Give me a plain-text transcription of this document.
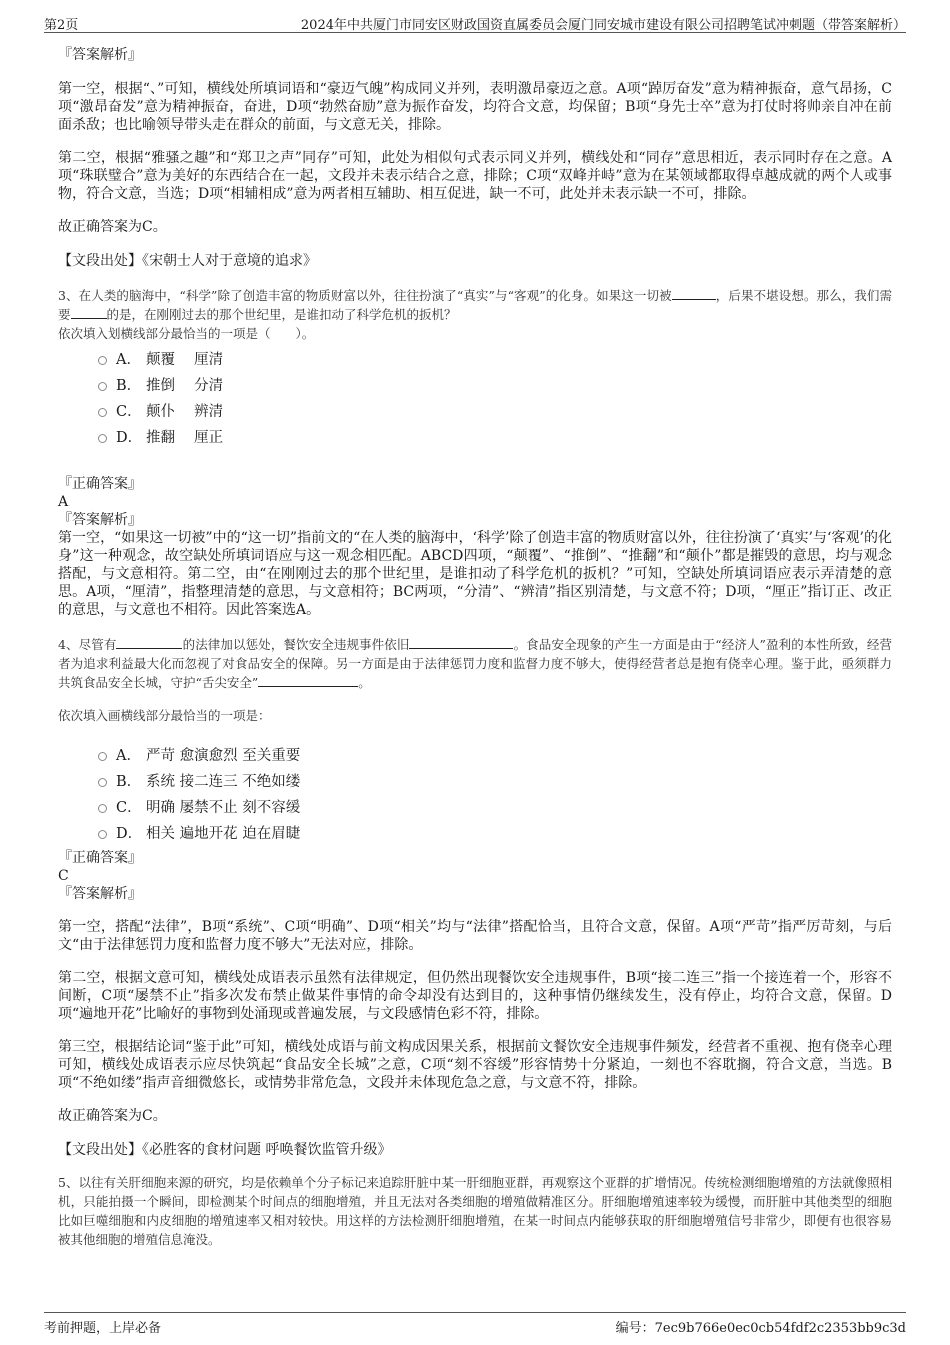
第2页	2024年中共厦门市同安区财政国资直属委员会厦门同安城市建设有限公司招聘笔试冲刺题（带答案解析）

『答案解析』

第一空，根据“、”可知，横线处所填词语和“豪迈气魄”构成同义并列，表明激昂豪迈之意。A项“踔厉奋发”意为精神振奋，意气昂扬，C项“激昂奋发”意为精神振奋，奋进，D项“勃然奋励”意为振作奋发，均符合文意，均保留；B项“身先士卒”意为打仗时将帅亲自冲在前面杀敌；也比喻领导带头走在群众的前面，与文意无关，排除。

第二空，根据“雅骚之趣”和“郑卫之声”同存”可知，此处为相似句式表示同义并列，横线处和“同存”意思相近，表示同时存在之意。A项“珠联璧合”意为美好的东西结合在一起，文段并未表示结合之意，排除；C项“双峰并峙”意为在某领域都取得卓越成就的两个人或事物，符合文意，当选；D项“相辅相成”意为两者相互辅助、相互促进，缺一不可，此处并未表示缺一不可，排除。

故正确答案为C。

【文段出处】《宋朝士人对于意境的追求》

3、在人类的脑海中，“科学”除了创造丰富的物质财富以外，往往扮演了“真实”与“客观”的化身。如果这一切被	，后果不堪设想。那么，我们需要	的是，在刚刚过去的那个世纪里，是谁扣动了科学危机的扳机？

依次填入划横线部分最恰当的一项是（　　）。

A． 颠覆　 厘清
B． 推倒　 分清
C． 颠仆　 辨清
D． 推翻　 厘正

『正确答案』

A

『答案解析』

第一空，“如果这一切被”中的“这一切”指前文的“在人类的脑海中，‘科学’除了创造丰富的物质财富以外，往往扮演了‘真实’与‘客观’的化身”这一种观念，故空缺处所填词语应与这一观念相匹配。ABCD四项，“颠覆”、“推倒”、“推翻”和“颠仆”都是摧毁的意思，均与观念搭配，与文意相符。第二空，由“在刚刚过去的那个世纪里，是谁扣动了科学危机的扳机？”可知，空缺处所填词语应表示弄清楚的意思。A项，“厘清”，指整理清楚的意思，与文意相符；BC两项，“分清”、“辨清”指区别清楚，与文意不符；D项，“厘正”指订正、改正的意思，与文意也不相符。因此答案选A。

4、尽管有	的法律加以惩处，餐饮安全违规事件依旧	。食品安全现象的产生一方面是由于“经济人”盈利的本性所致，经营者为追求利益最大化而忽视了对食品安全的保障。另一方面是由于法律惩罚力度和监督力度不够大，使得经营者总是抱有侥幸心理。鉴于此，亟须群力共筑食品安全长城，守护“舌尖安全”	。

依次填入画横线部分最恰当的一项是：

A． 严苛 愈演愈烈 至关重要
B． 系统 接二连三 不绝如缕
C． 明确 屡禁不止 刻不容缓
D． 相关 遍地开花 迫在眉睫

『正确答案』

C

『答案解析』

第一空，搭配“法律”，B项“系统”、C项“明确”、D项“相关”均与“法律”搭配恰当，且符合文意，保留。A项“严苛”指严厉苛刻，与后文“由于法律惩罚力度和监督力度不够大”无法对应，排除。

第二空，根据文意可知，横线处成语表示虽然有法律规定，但仍然出现餐饮安全违规事件，B项“接二连三”指一个接连着一个，形容不间断，C项“屡禁不止”指多次发布禁止做某件事情的命令却没有达到目的，这种事情仍继续发生，没有停止，均符合文意，保留。D项“遍地开花”比喻好的事物到处涌现或普遍发展，与文段感情色彩不符，排除。

第三空，根据结论词“鉴于此”可知，横线处成语与前文构成因果关系，根据前文餐饮安全违规事件频发，经营者不重视、抱有侥幸心理可知，横线处成语表示应尽快筑起“食品安全长城”之意，C项“刻不容缓”形容情势十分紧迫，一刻也不容耽搁，符合文意，当选。B项“不绝如缕”指声音细微悠长，或情势非常危急，文段并未体现危急之意，与文意不符，排除。

故正确答案为C。

【文段出处】《必胜客的食材问题 呼唤餐饮监管升级》

5、以往有关肝细胞来源的研究，均是依赖单个分子标记来追踪肝脏中某一肝细胞亚群，再观察这个亚群的扩增情况。传统检测细胞增殖的方法就像照相机，只能拍摄一个瞬间，即检测某个时间点的细胞增殖，并且无法对各类细胞的增殖做精准区分。肝细胞增殖速率较为缓慢，而肝脏中其他类型的细胞比如巨噬细胞和内皮细胞的增殖速率又相对较快。用这样的方法检测肝细胞增殖，在某一时间点内能够获取的肝细胞增殖信号非常少，即便有也很容易被其他细胞的增殖信息淹没。

考前押题，上岸必备	编号：7ec9b766e0ec0cb54fdf2c2353bb9c3d
